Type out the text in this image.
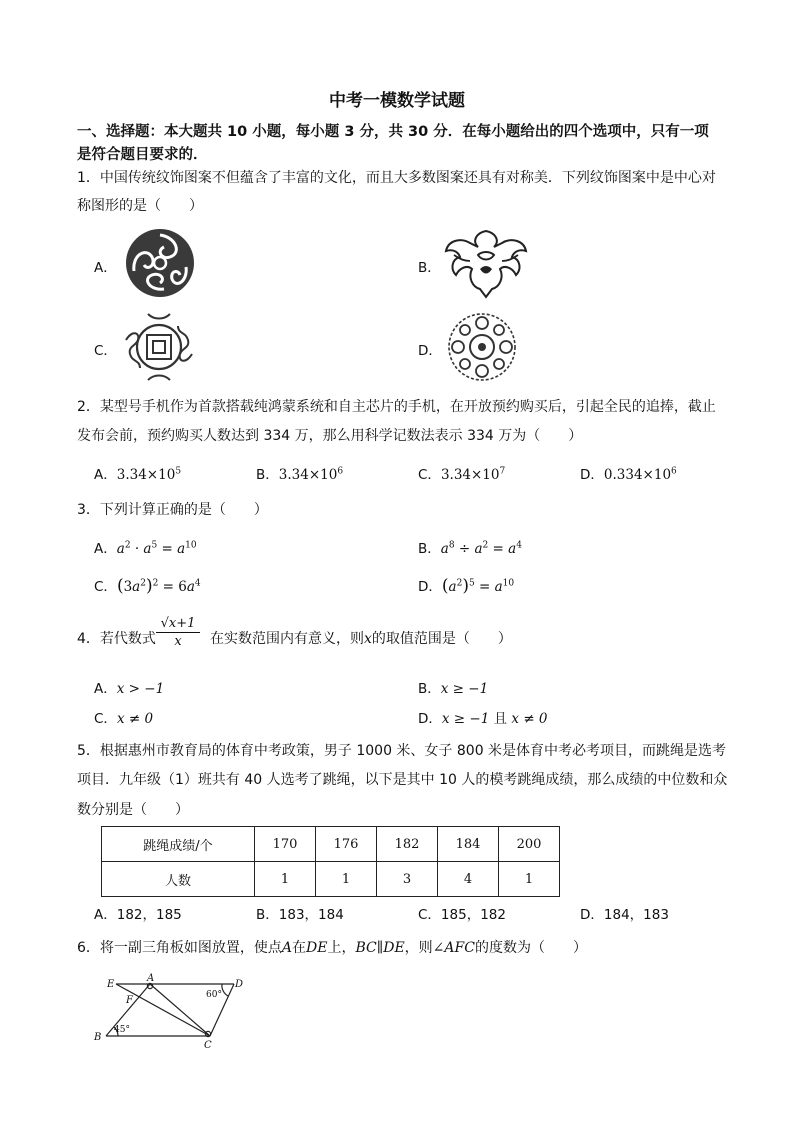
中考一模数学试题
一、选择题：本大题共 10 小题，每小题 3 分，共 30 分．在每小题给出的四个选项中，只有一项
是符合题目要求的．
1．中国传统纹饰图案不但蕴含了丰富的文化，而且大多数图案还具有对称美．下列纹饰图案中是中心对
称图形的是（　　）
A．	B．
C．	D．
2．某型号手机作为首款搭载纯鸿蒙系统和自主芯片的手机，在开放预约购买后，引起全民的追捧，截止
发布会前，预约购买人数达到 334 万，那么用科学记数法表示 334 万为（　　）
A．$3.34\times 10^5$	B．$3.34\times 10^6$	C．$3.34\times 10^7$	D．$0.334\times 10^6$
3．下列计算正确的是（　　）
A．$a^2 \cdot a^5 = a^{10}$	B．$a^8 \div a^2 = a^4$
C．$(3a^2)^2 = 6a^4$	D．$(a^2)^5 = a^{10}$
4．若代数式 $\frac{√x+1}{x}$ 在实数范围内有意义，则x的取值范围是（　　）
A．x > −1	B．x ≥ −1
C．x ≠ 0	D．x ≥ −1 且 x ≠ 0
5．根据惠州市教育局的体育中考政策，男子 1000 米、女子 800 米是体育中考必考项目，而跳绳是选考
项目．九年级（1）班共有 40 人选考了跳绳，以下是其中 10 人的模考跳绳成绩，那么成绩的中位数和众
数分别是（　　）
跳绳成绩/个	170	176	182	184	200
人数	1	1	3	4	1
A．182，185	B．183，184	C．185，182	D．184，183
6．将一副三角板如图放置，使点A在DE上，BC∥DE，则∠AFC的度数为（　　）
E
A
D
F
B
C
60°
45°
